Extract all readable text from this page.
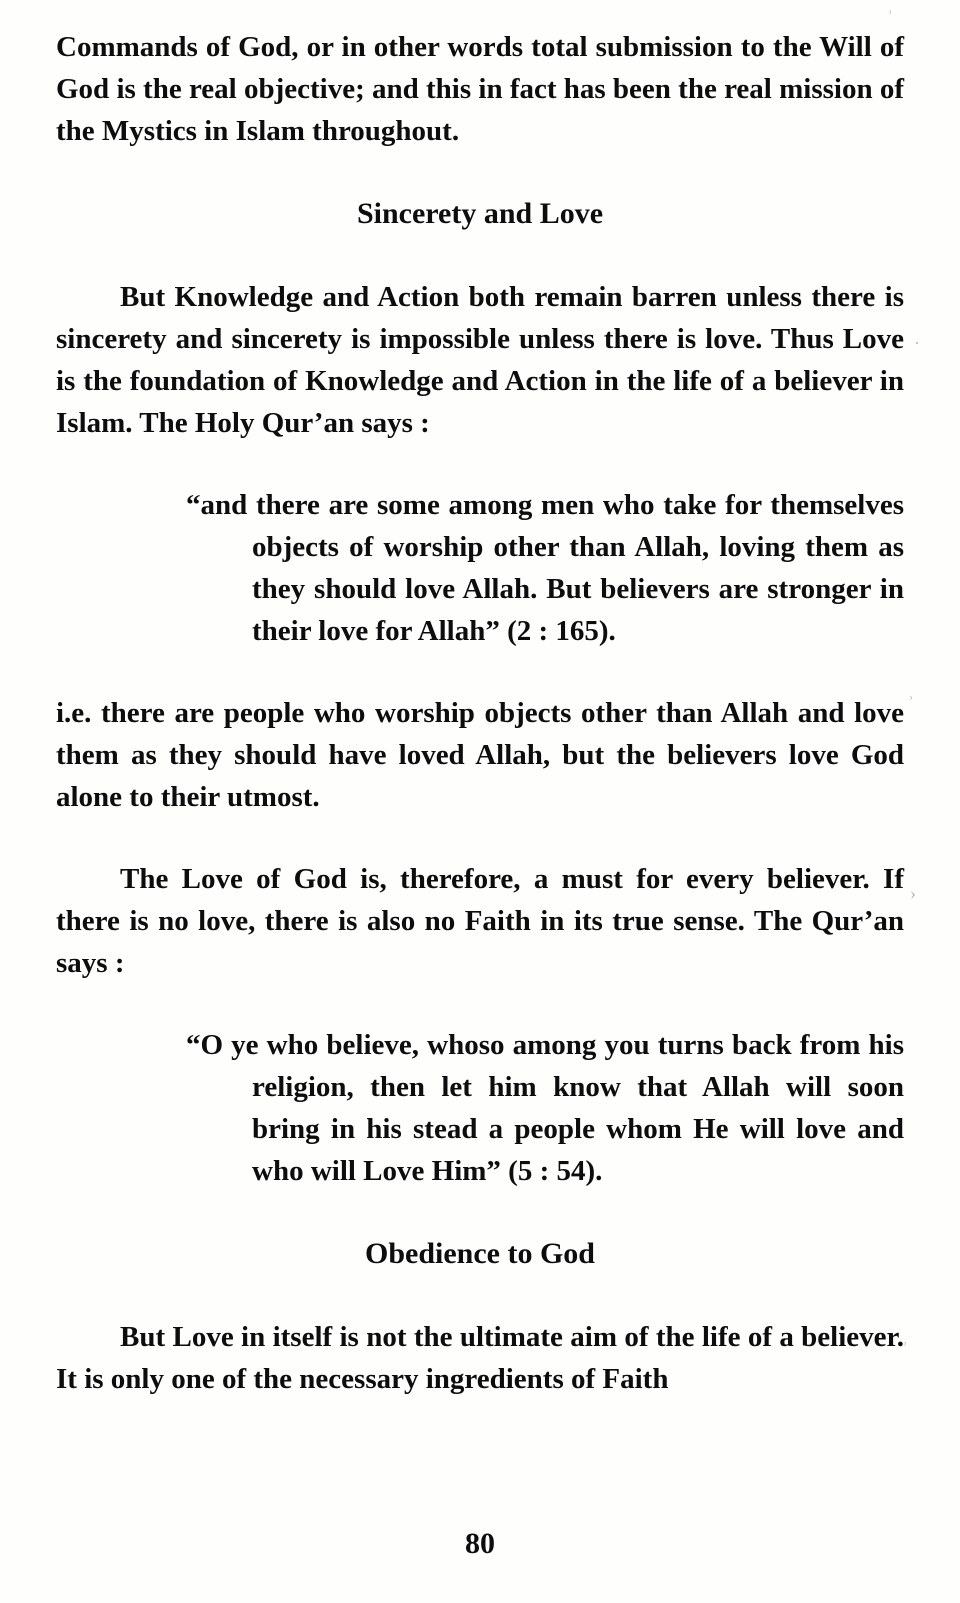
Commands of God, or in other words total submission to the Will of God is the real objective; and this in fact has been the real mission of the Mystics in Islam throughout.

Sincerety and Love

But Knowledge and Action both remain barren unless there is sincerety and sincerety is impossible unless there is love. Thus Love is the foundation of Knowledge and Action in the life of a believer in Islam. The Holy Qur’an says :

“and there are some among men who take for themselves objects of worship other than Allah, loving them as they should love Allah. But believers are stronger in their love for Allah” (2 : 165).

i.e. there are people who worship objects other than Allah and love them as they should have loved Allah, but the believers love God alone to their utmost.

The Love of God is, therefore, a must for every believer. If there is no love, there is also no Faith in its true sense. The Qur’an says :

“O ye who believe, whoso among you turns back from his religion, then let him know that Allah will soon bring in his stead a people whom He will love and who will Love Him” (5 : 54).

Obedience to God

But Love in itself is not the ultimate aim of the life of a believer. It is only one of the necessary ingredients of Faith

80
ʾ
·
ʾ
›
ʾ
